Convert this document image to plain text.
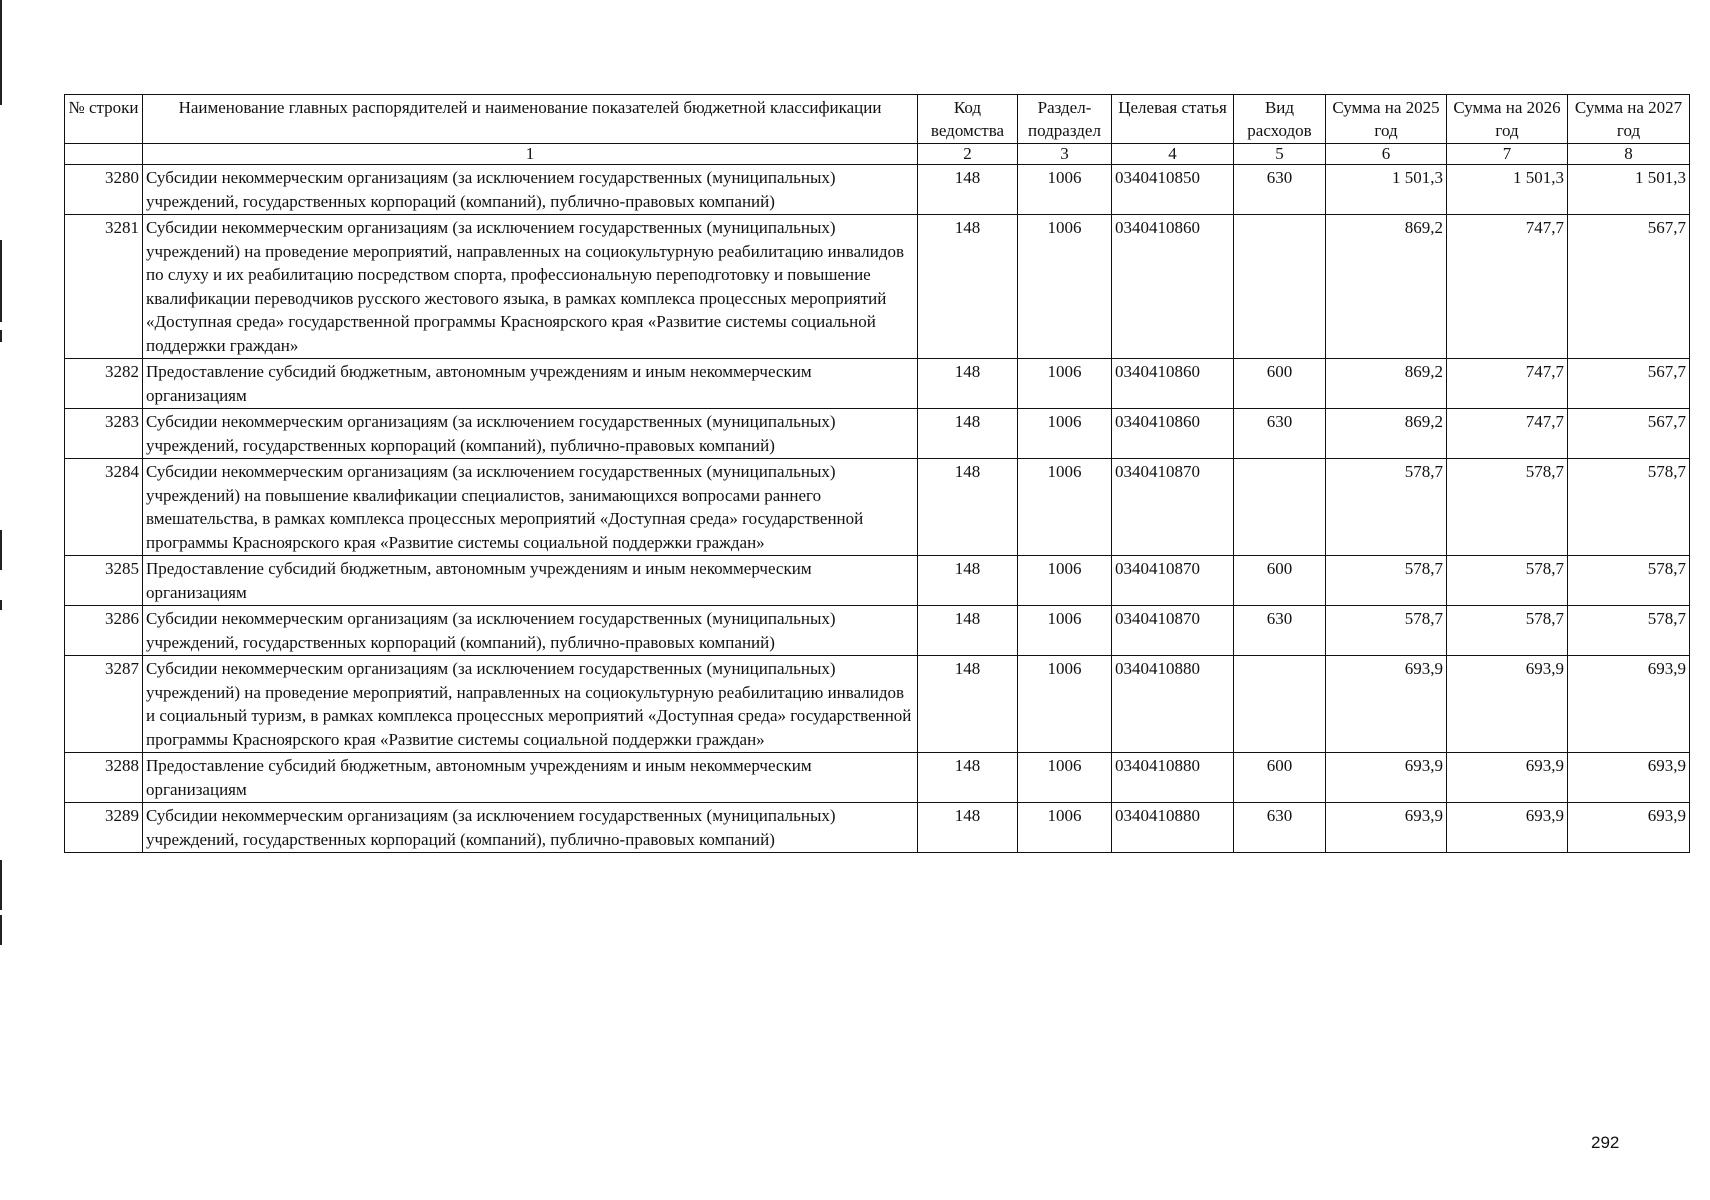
№ строки	Наименование главных распорядителей и наименование показателей бюджетной классификации	Код ведомства	Раздел-подраздел	Целевая статья	Вид расходов	Сумма на 2025 год	Сумма на 2026 год	Сумма на 2027 год
	1	2	3	4	5	6	7	8
3280	Субсидии некоммерческим организациям (за исключением государственных (муниципальных) учреждений, государственных корпораций (компаний), публично-правовых компаний)	148	1006	0340410850	630	1 501,3	1 501,3	1 501,3
3281	Субсидии некоммерческим организациям (за исключением государственных (муниципальных) учреждений) на проведение мероприятий, направленных на социокультурную реабилитацию инвалидов по слуху и их реабилитацию посредством спорта, профессиональную переподготовку и повышение квалификации переводчиков русского жестового языка, в рамках комплекса процессных мероприятий «Доступная среда» государственной программы Красноярского края «Развитие системы социальной поддержки граждан»	148	1006	0340410860		869,2	747,7	567,7
3282	Предоставление субсидий бюджетным, автономным учреждениям и иным некоммерческим организациям	148	1006	0340410860	600	869,2	747,7	567,7
3283	Субсидии некоммерческим организациям (за исключением государственных (муниципальных) учреждений, государственных корпораций (компаний), публично-правовых компаний)	148	1006	0340410860	630	869,2	747,7	567,7
3284	Субсидии некоммерческим организациям (за исключением государственных (муниципальных) учреждений) на повышение квалификации специалистов, занимающихся вопросами раннего вмешательства, в рамках комплекса процессных мероприятий «Доступная среда» государственной программы Красноярского края «Развитие системы социальной поддержки граждан»	148	1006	0340410870		578,7	578,7	578,7
3285	Предоставление субсидий бюджетным, автономным учреждениям и иным некоммерческим организациям	148	1006	0340410870	600	578,7	578,7	578,7
3286	Субсидии некоммерческим организациям (за исключением государственных (муниципальных) учреждений, государственных корпораций (компаний), публично-правовых компаний)	148	1006	0340410870	630	578,7	578,7	578,7
3287	Субсидии некоммерческим организациям (за исключением государственных (муниципальных) учреждений) на проведение мероприятий, направленных на социокультурную реабилитацию инвалидов и социальный туризм, в рамках комплекса процессных мероприятий «Доступная среда» государственной программы Красноярского края «Развитие системы социальной поддержки граждан»	148	1006	0340410880		693,9	693,9	693,9
3288	Предоставление субсидий бюджетным, автономным учреждениям и иным некоммерческим организациям	148	1006	0340410880	600	693,9	693,9	693,9
3289	Субсидии некоммерческим организациям (за исключением государственных (муниципальных) учреждений, государственных корпораций (компаний), публично-правовых компаний)	148	1006	0340410880	630	693,9	693,9	693,9
292
